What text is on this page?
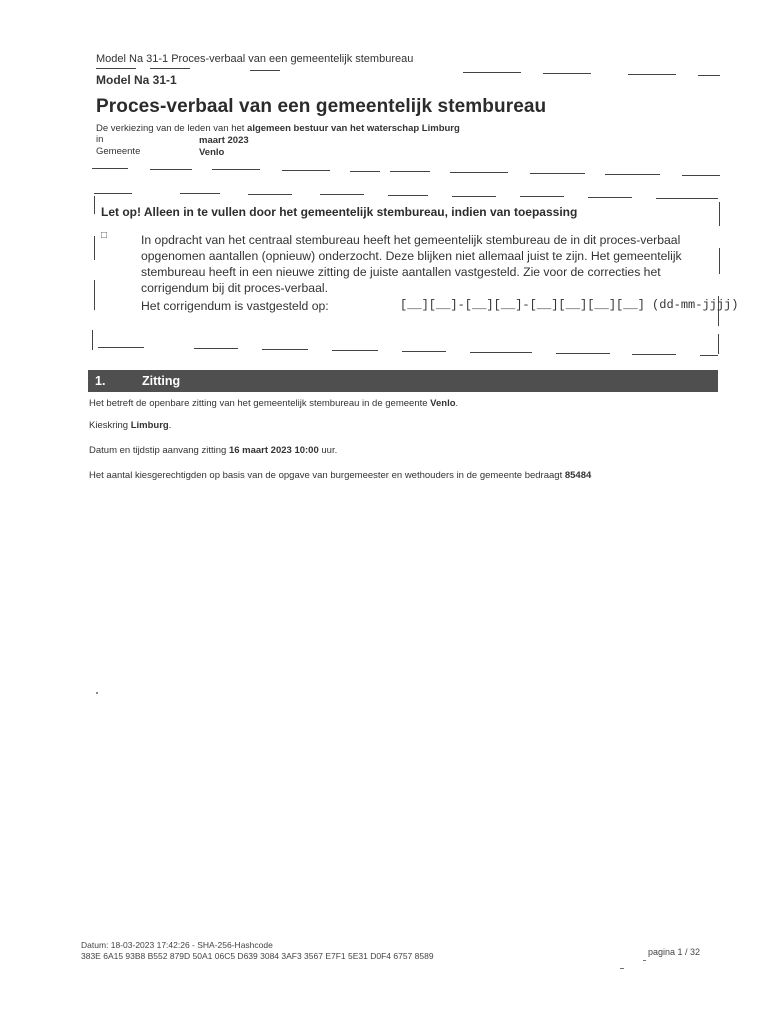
Model Na 31-1 Proces-verbaal van een gemeentelijk stembureau
Model Na 31-1
Proces-verbaal van een gemeentelijk stembureau
De verkiezing van de leden van het algemeen bestuur van het waterschap Limburg
in	maart 2023
Gemeente	Venlo
Let op! Alleen in te vullen door het gemeentelijk stembureau, indien van toepassing
□	In opdracht van het centraal stembureau heeft het gemeentelijk stembureau de in dit proces-verbaal opgenomen aantallen (opnieuw) onderzocht. Deze blijken niet allemaal juist te zijn. Het gemeentelijk stembureau heeft in een nieuwe zitting de juiste aantallen vastgesteld. Zie voor de correcties het corrigendum bij dit proces-verbaal.
Het corrigendum is vastgesteld op:	[__][__]-[__][__]-[__][__][__][__] (dd-mm-jjjj)
1.	Zitting
Het betreft de openbare zitting van het gemeentelijk stembureau in de gemeente Venlo.
Kieskring Limburg.
Datum en tijdstip aanvang zitting 16 maart 2023 10:00 uur.
Het aantal kiesgerechtigden op basis van de opgave van burgemeester en wethouders in de gemeente bedraagt 85484
Datum: 18-03-2023 17:42:26 - SHA-256-Hashcode
383E 6A15 93B8 B552 879D 50A1 06C5 D639 3084 3AF3 3567 E7F1 5E31 D0F4 6757 8589	pagina 1 / 32
